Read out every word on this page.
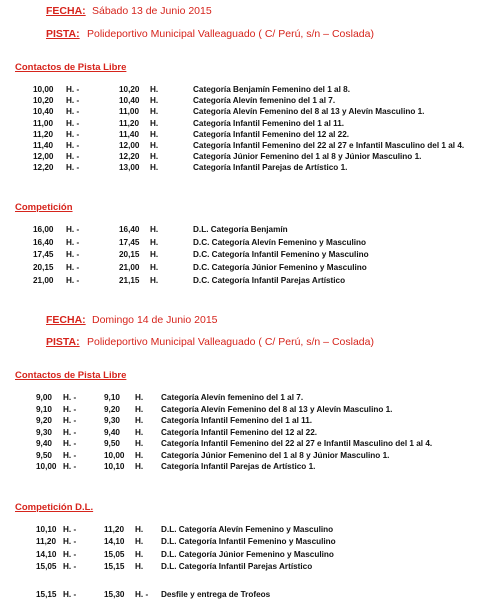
FECHA: Sábado 13 de Junio 2015
PISTA: Polideportivo Municipal Valleaguado ( C/ Perú, s/n – Coslada)
Contactos de Pista Libre
10,00 H. -	10,20 H.	Categoría Benjamín Femenino del 1 al 8.
10,20 H. -	10,40 H.	Categoría Alevín femenino del 1 al 7.
10,40 H. -	11,00 H.	Categoría Alevín Femenino del 8 al 13 y Alevín Masculino 1.
11,00 H. -	11,20 H.	Categoría Infantil Femenino del 1 al 11.
11,20 H. -	11,40 H.	Categoría Infantil Femenino del 12 al 22.
11,40 H. -	12,00 H.	Categoría Infantil Femenino del 22 al 27 e Infantil Masculino del 1 al 4.
12,00 H. -	12,20 H.	Categoría Júnior Femenino del 1 al 8 y Júnior Masculino 1.
12,20 H. -	13,00 H.	Categoría Infantil Parejas de Artístico 1.
Competición
16,00 H. -	16,40 H.	D.L. Categoría Benjamín
16,40 H. -	17,45 H.	D.C. Categoría Alevín Femenino y Masculino
17,45 H. -	20,15 H.	D.C. Categoría Infantil Femenino y Masculino
20,15 H. -	21,00 H.	D.C. Categoría Júnior Femenino y Masculino
21,00 H. -	21,15 H.	D.C. Categoría Infantil Parejas Artístico
FECHA: Domingo 14 de Junio 2015
PISTA: Polideportivo Municipal Valleaguado ( C/ Perú, s/n – Coslada)
Contactos de Pista Libre
9,00 H. -	9,10 H. Categoría Alevín femenino del 1 al 7.
9,10 H. -	9,20 H. Categoría Alevín Femenino del 8 al 13 y Alevín Masculino 1.
9,20 H. -	9,30 H. Categoría Infantil Femenino del 1 al 11.
9,30 H. -	9,40 H. Categoría Infantil Femenino del 12 al 22.
9,40 H. -	9,50 H. Categoría Infantil Femenino del 22 al 27 e Infantil Masculino del 1 al 4.
9,50 H. -	10,00 H. Categoría Júnior Femenino del 1 al 8 y Júnior Masculino 1.
10,00 H. -	10,10 H. Categoría Infantil Parejas de Artístico 1.
Competición D.L.
10,10 H. -	11,20 H. D.L. Categoría Alevín Femenino y Masculino
11,20 H. -	14,10 H. D.L. Categoría Infantil Femenino y Masculino
14,10 H. -	15,05 H. D.L. Categoría Júnior Femenino y Masculino
15,05 H. -	15,15 H. D.L. Categoría Infantil Parejas Artístico
15,15 H. -	15,30 H. - Desfile y entrega de Trofeos
